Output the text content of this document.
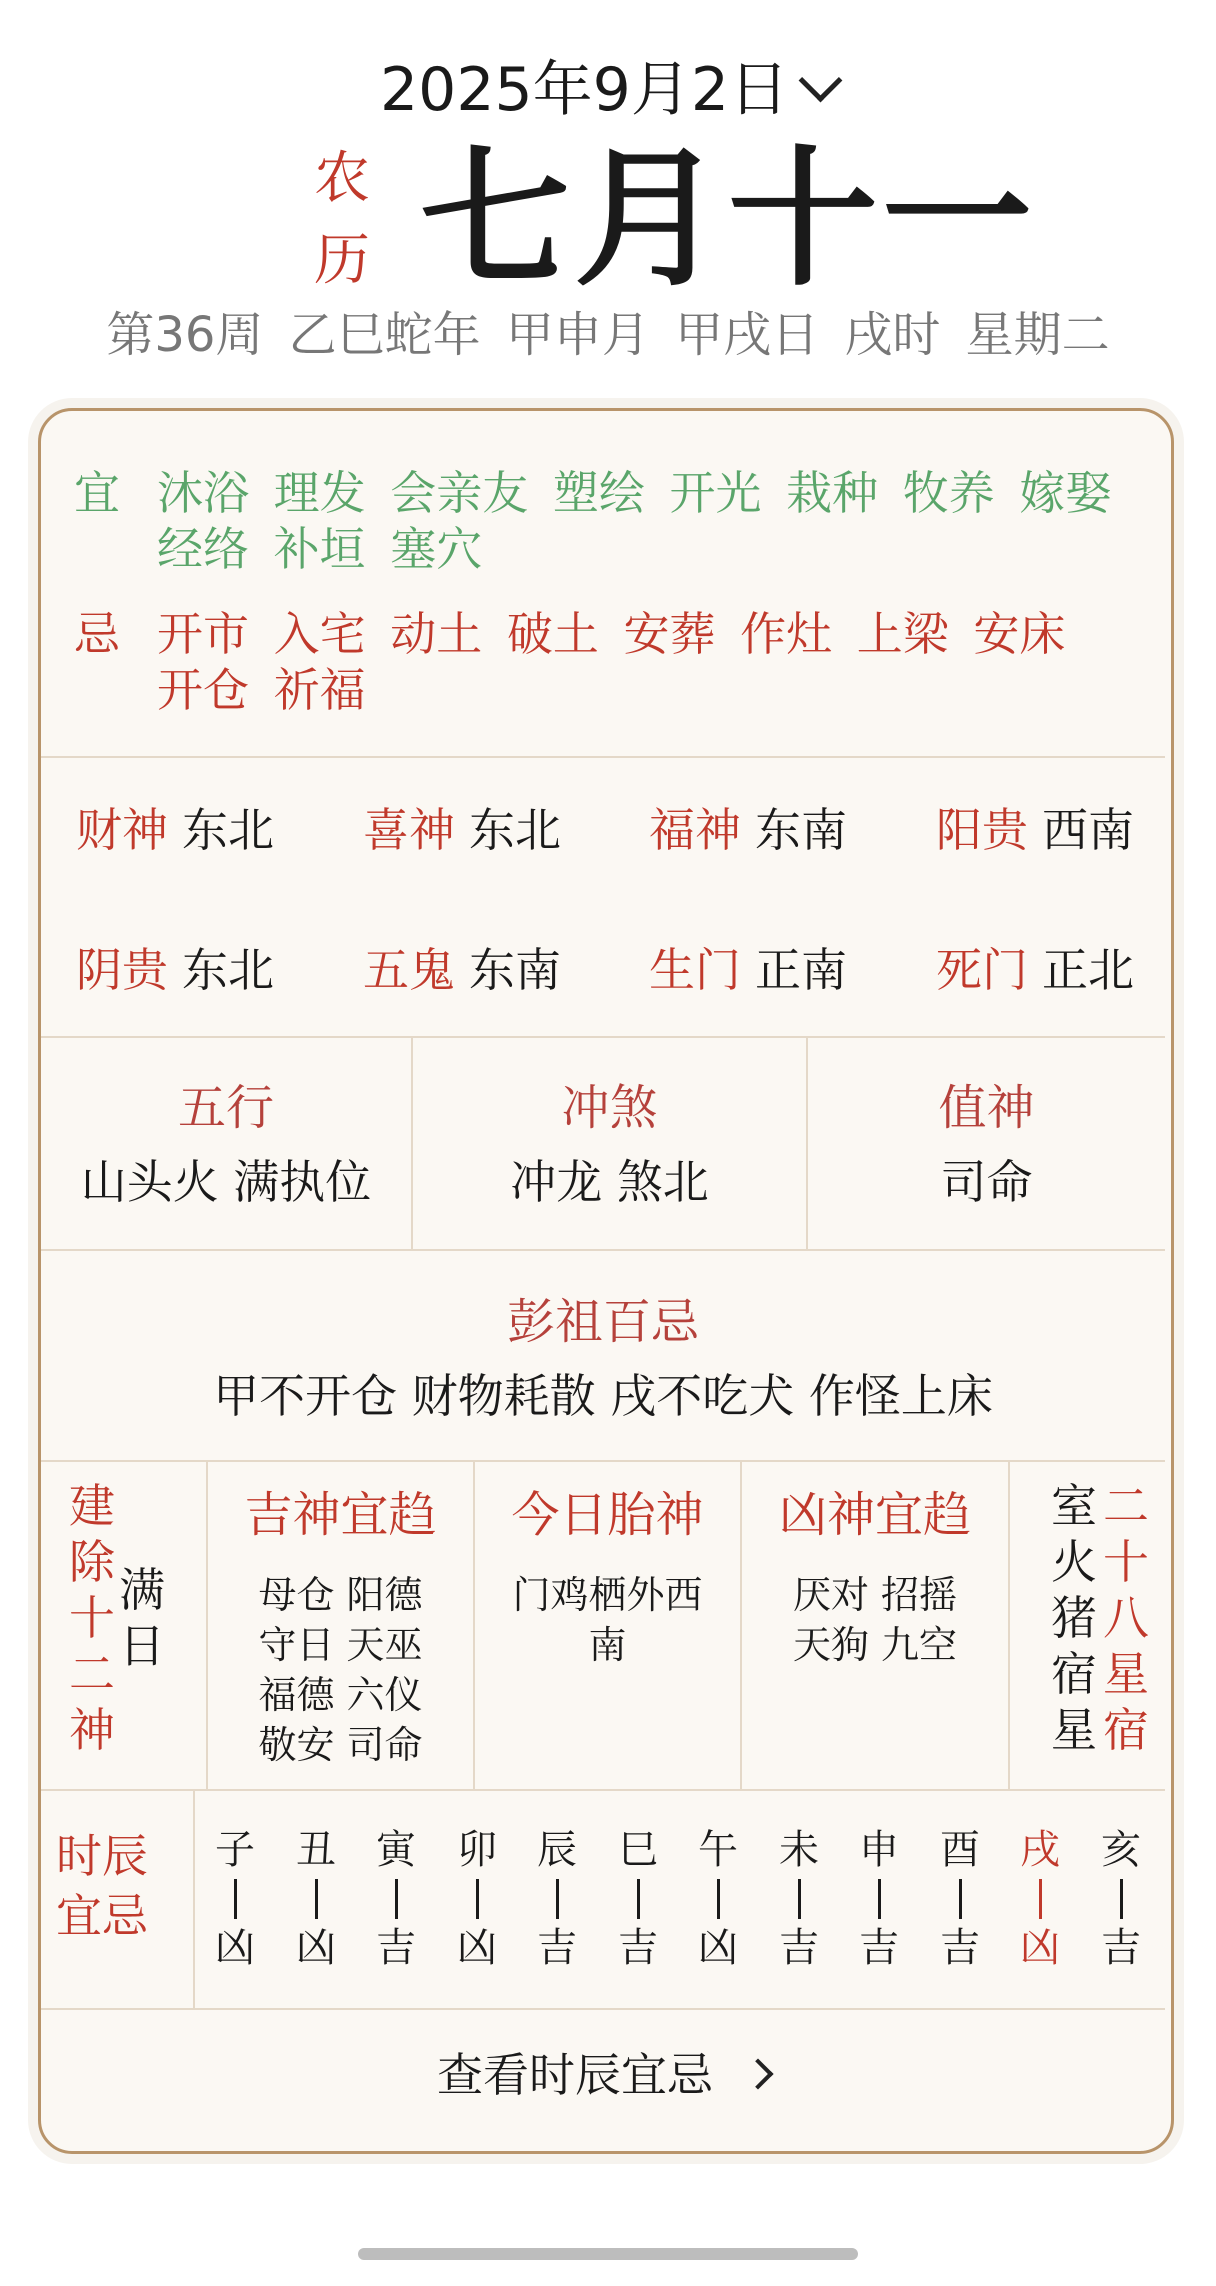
2025年9月2日
农
历 七月十一
第36周 乙巳蛇年 甲申月 甲戌日 戌时 星期二
宜 沐浴 理发 会亲友 塑绘 开光 栽种 牧养 嫁娶 经络 补垣 塞穴
忌 开市 入宅 动土 破土 安葬 作灶 上梁 安床 开仓 祈福
财神 东北 喜神 东北 福神 东南 阳贵 西南
阴贵 东北 五鬼 东南 生门 正南 死门 正北
五行
山头火 满执位
冲煞
冲龙 煞北
值神
司命
彭祖百忌
甲不开仓 财物耗散 戌不吃犬 作怪上床
建
除
十
二
神
满
日
吉神宜趋
母仓 阳德
守日 天巫
福德 六仪
敬安 司命
今日胎神
门鸡栖外西
南
凶神宜趋
厌对 招摇
天狗 九空
室
火
猪
宿
星
二
十
八
星
宿
时辰
宜忌
子
凶
丑
凶
寅
吉
卯
凶
辰
吉
巳
吉
午
凶
未
吉
申
吉
酉
吉
戌
凶
亥
吉
查看时辰宜忌
